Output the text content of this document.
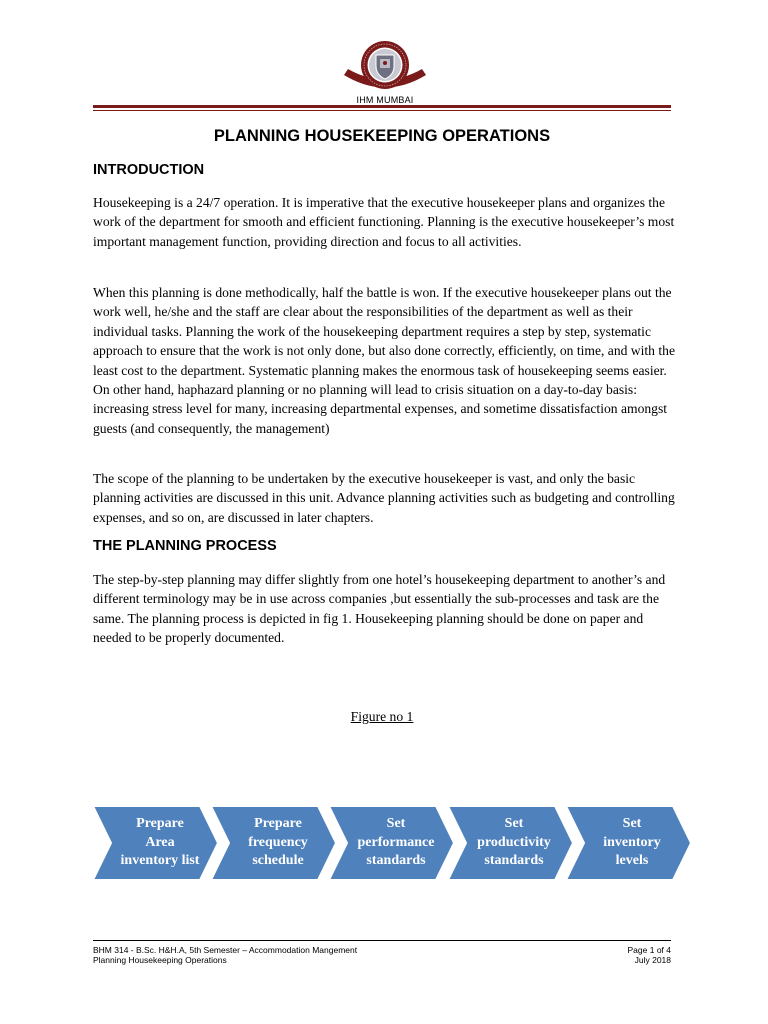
IHM MUMBAI
PLANNING HOUSEKEEPING OPERATIONS
INTRODUCTION

Housekeeping is a 24/7 operation. It is imperative that the executive housekeeper plans and organizes the work of the department for smooth and efficient functioning. Planning is the executive housekeeper’s most important management function, providing direction and focus to all activities.

When this planning is done methodically, half the battle is won. If the executive housekeeper plans out the work well, he/she and the staff are clear about the responsibilities of the department as well as their individual tasks. Planning the work of the housekeeping department requires a step by step, systematic approach to ensure that the work is not only done, but also done correctly, efficiently, on time, and with the least cost to the department. Systematic planning makes the enormous task of housekeeping seems easier. On other hand, haphazard planning or no planning will lead to crisis situation on a day-to-day basis: increasing stress level for many, increasing departmental expenses, and sometime dissatisfaction amongst guests (and consequently, the management)

The scope of the planning to be undertaken by the executive housekeeper is vast, and only the basic planning activities are discussed in this unit. Advance planning activities such as budgeting and controlling expenses, and so on, are discussed in later chapters.

THE PLANNING PROCESS

The step-by-step planning may differ slightly from one hotel’s housekeeping department to another’s and different terminology may be in use across companies ,but essentially the sub-processes and task are the same. The planning process is depicted in fig 1. Housekeeping planning should be done on paper and needed to be properly documented.

Figure no 1
Prepare
Area
inventory list
Prepare
frequency
schedule
Set
performance
standards
Set
productivity
standards
Set
inventory
levels
BHM 314 - B.Sc. H&H.A, 5th Semester – Accommodation Mangement
Planning Housekeeping Operations
Page 1 of 4
July 2018
